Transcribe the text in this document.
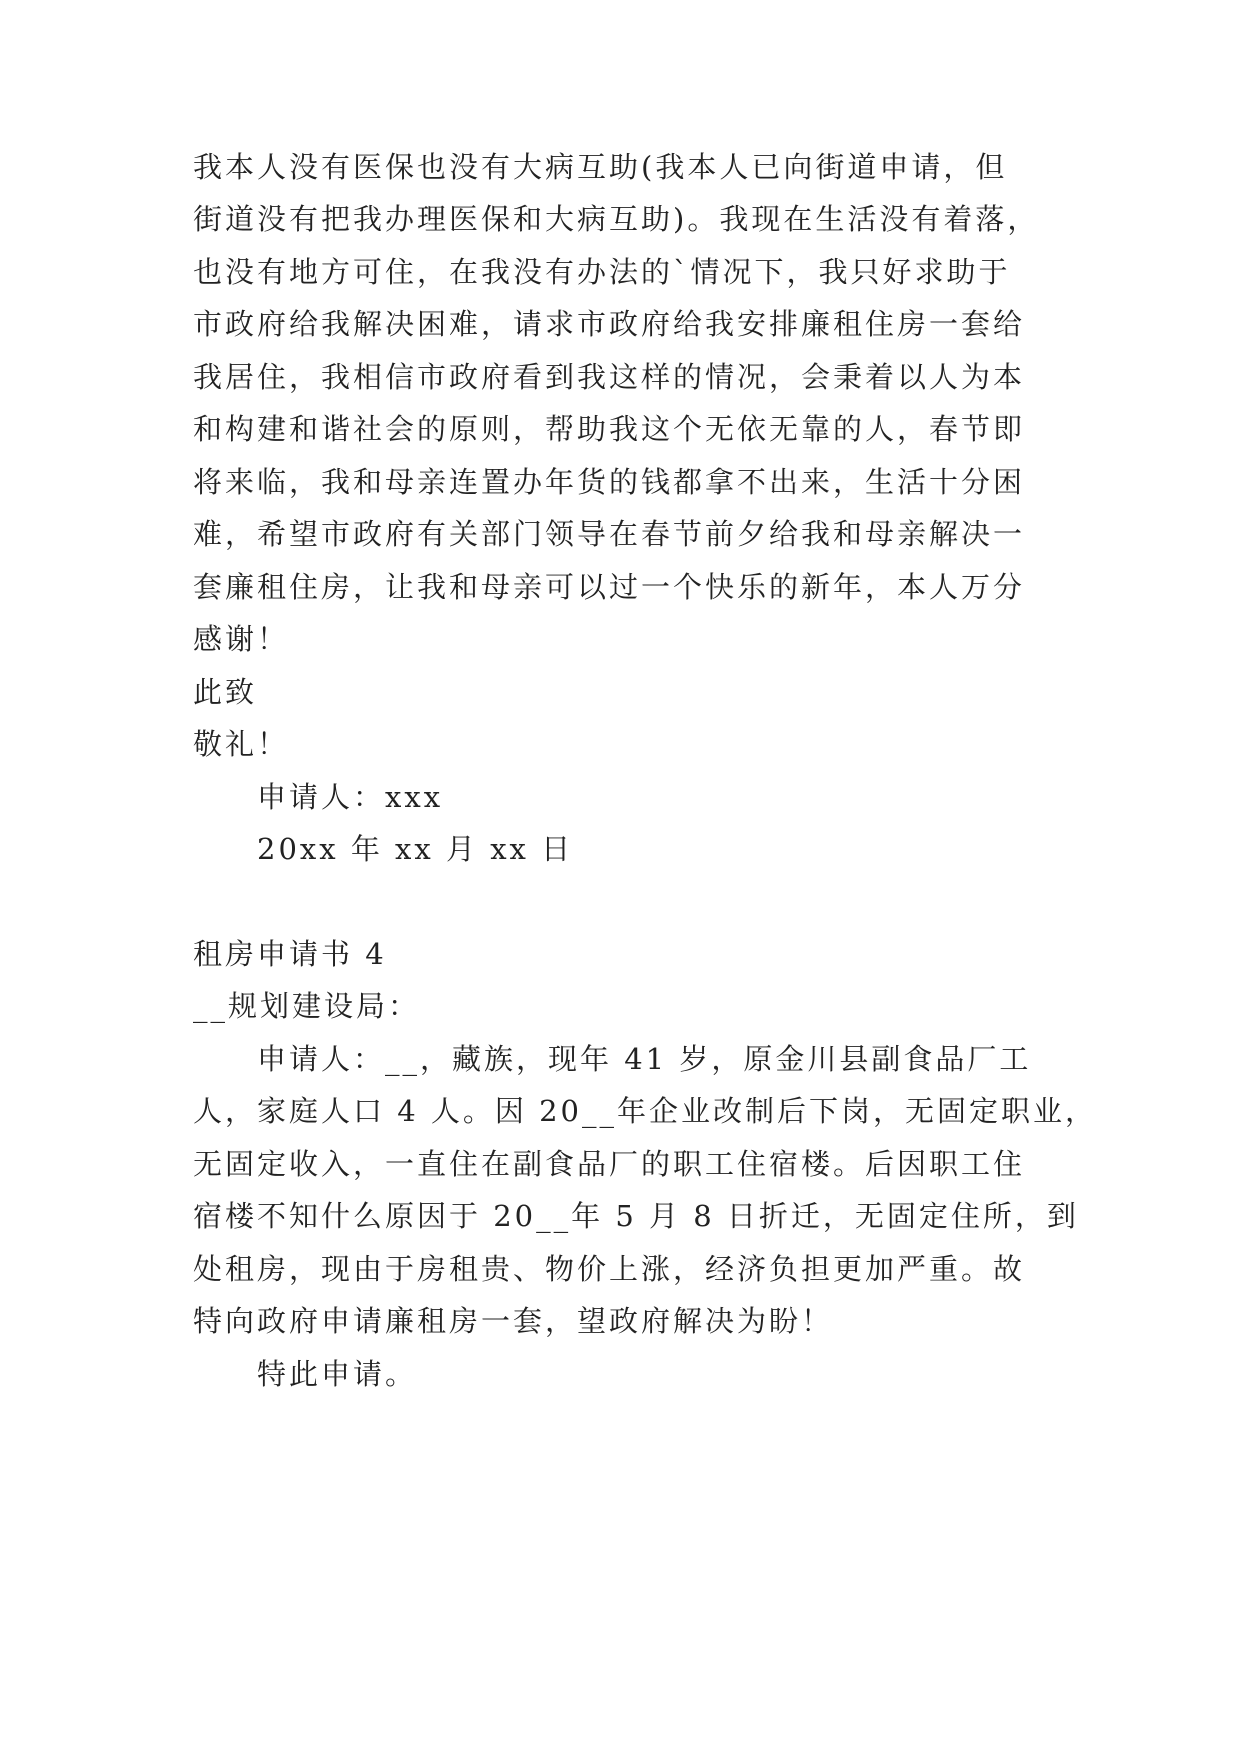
我本人没有医保也没有大病互助(我本人已向街道申请，但
街道没有把我办理医保和大病互助)。我现在生活没有着落，
也没有地方可住，在我没有办法的`情况下，我只好求助于
市政府给我解决困难，请求市政府给我安排廉租住房一套给
我居住，我相信市政府看到我这样的情况，会秉着以人为本
和构建和谐社会的原则，帮助我这个无依无靠的人，春节即
将来临，我和母亲连置办年货的钱都拿不出来，生活十分困
难，希望市政府有关部门领导在春节前夕给我和母亲解决一
套廉租住房，让我和母亲可以过一个快乐的新年，本人万分
感谢！
此致
敬礼！
申请人：xxx
20xx 年 xx 月 xx 日
租房申请书 4
__规划建设局：
申请人：__，藏族，现年 41 岁，原金川县副食品厂工
人，家庭人口 4 人。因 20__年企业改制后下岗，无固定职业，
无固定收入，一直住在副食品厂的职工住宿楼。后因职工住
宿楼不知什么原因于 20__年 5 月 8 日折迁，无固定住所，到
处租房，现由于房租贵、物价上涨，经济负担更加严重。故
特向政府申请廉租房一套，望政府解决为盼！
特此申请。
